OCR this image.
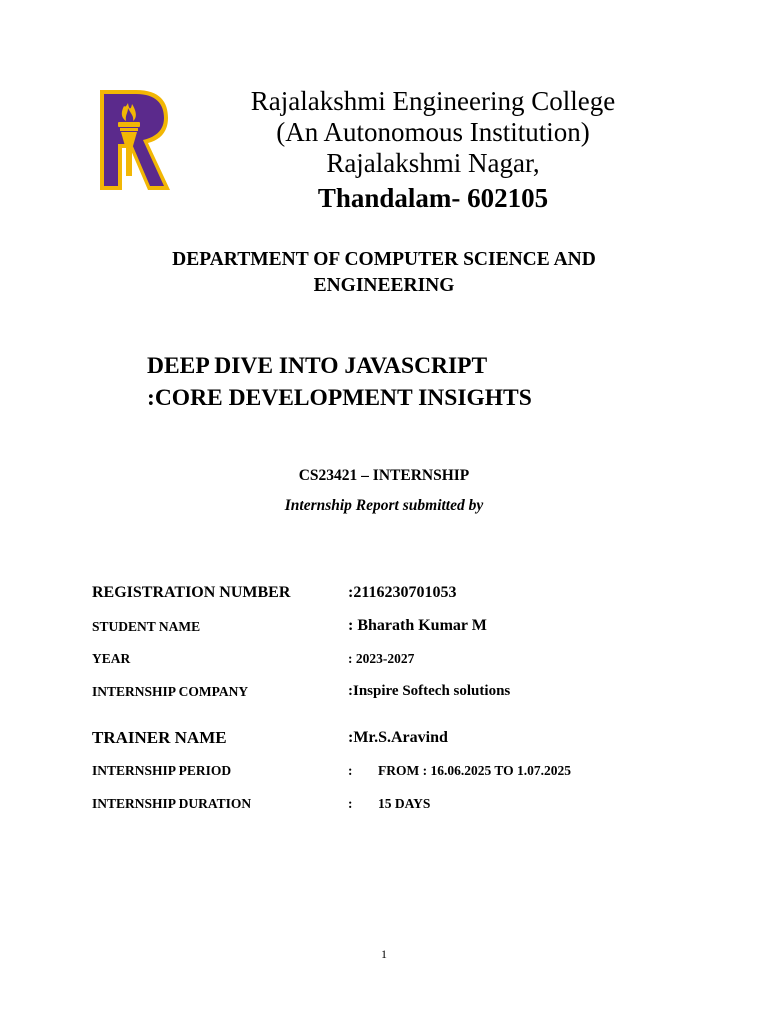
Rajalakshmi Engineering College
(An Autonomous Institution)
Rajalakshmi Nagar,
Thandalam- 602105
DEPARTMENT OF COMPUTER SCIENCE AND
ENGINEERING
DEEP DIVE INTO JAVASCRIPT
:CORE DEVELOPMENT INSIGHTS
CS23421 – INTERNSHIP
Internship Report submitted by
REGISTRATION NUMBER	:2116230701053
STUDENT NAME	: Bharath Kumar M
YEAR	: 2023-2027
INTERNSHIP COMPANY	:Inspire Softech solutions
TRAINER NAME	:Mr.S.Aravind
INTERNSHIP PERIOD	: FROM : 16.06.2025 TO 1.07.2025
INTERNSHIP DURATION	: 15 DAYS
1
